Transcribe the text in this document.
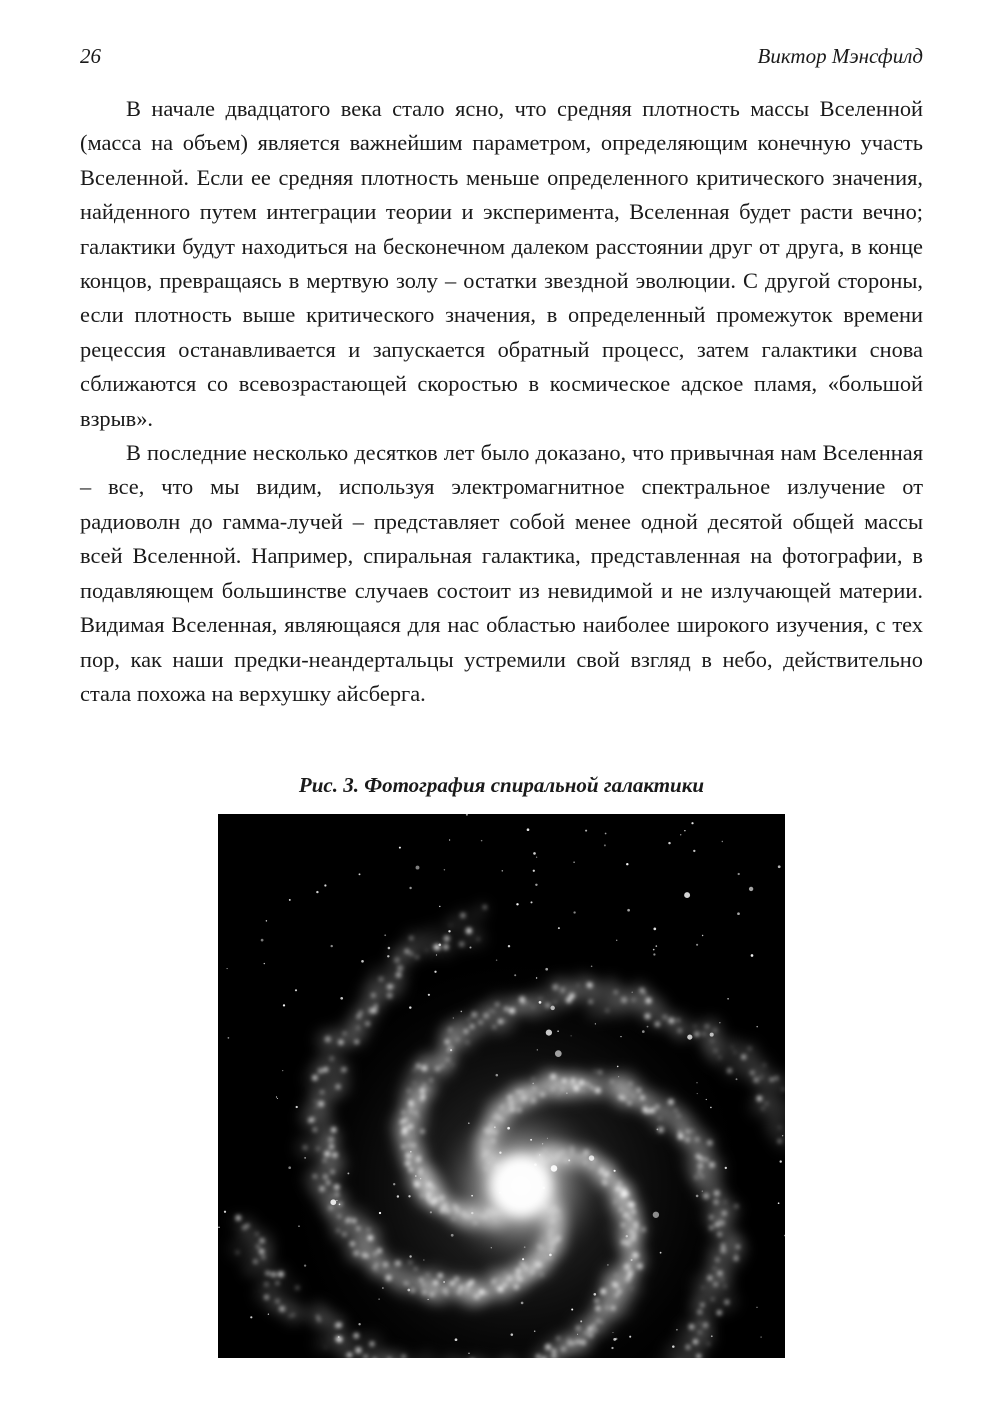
26	Виктор Мэнсфилд

В начале двадцатого века стало ясно, что средняя плотность массы Вселенной (масса на объем) является важнейшим параметром, определяющим конечную участь Вселенной. Если ее средняя плотность меньше определенного критического значения, найденного путем интеграции теории и эксперимента, Вселенная будет расти вечно; галактики будут находиться на бесконечном далеком расстоянии друг от друга, в конце концов, превращаясь в мертвую золу – остатки звездной эволюции. С другой стороны, если плотность выше критического значения, в определенный промежуток времени рецессия останавливается и запускается обратный процесс, затем галактики снова сближаются со всевозрастающей скоростью в космическое адское пламя, «большой взрыв».

В последние несколько десятков лет было доказано, что привычная нам Вселенная – все, что мы видим, используя электромагнитное спектральное излучение от радиоволн до гамма-лучей – представляет собой менее одной десятой общей массы всей Вселенной. Например, спиральная галактика, представленная на фотографии, в подавляющем большинстве случаев состоит из невидимой и не излучающей материи. Видимая Вселенная, являющаяся для нас областью наиболее широкого изучения, с тех пор, как наши предки-неандертальцы устремили свой взгляд в небо, действительно стала похожа на верхушку айсберга.

Рис. 3. Фотография спиральной галактики
